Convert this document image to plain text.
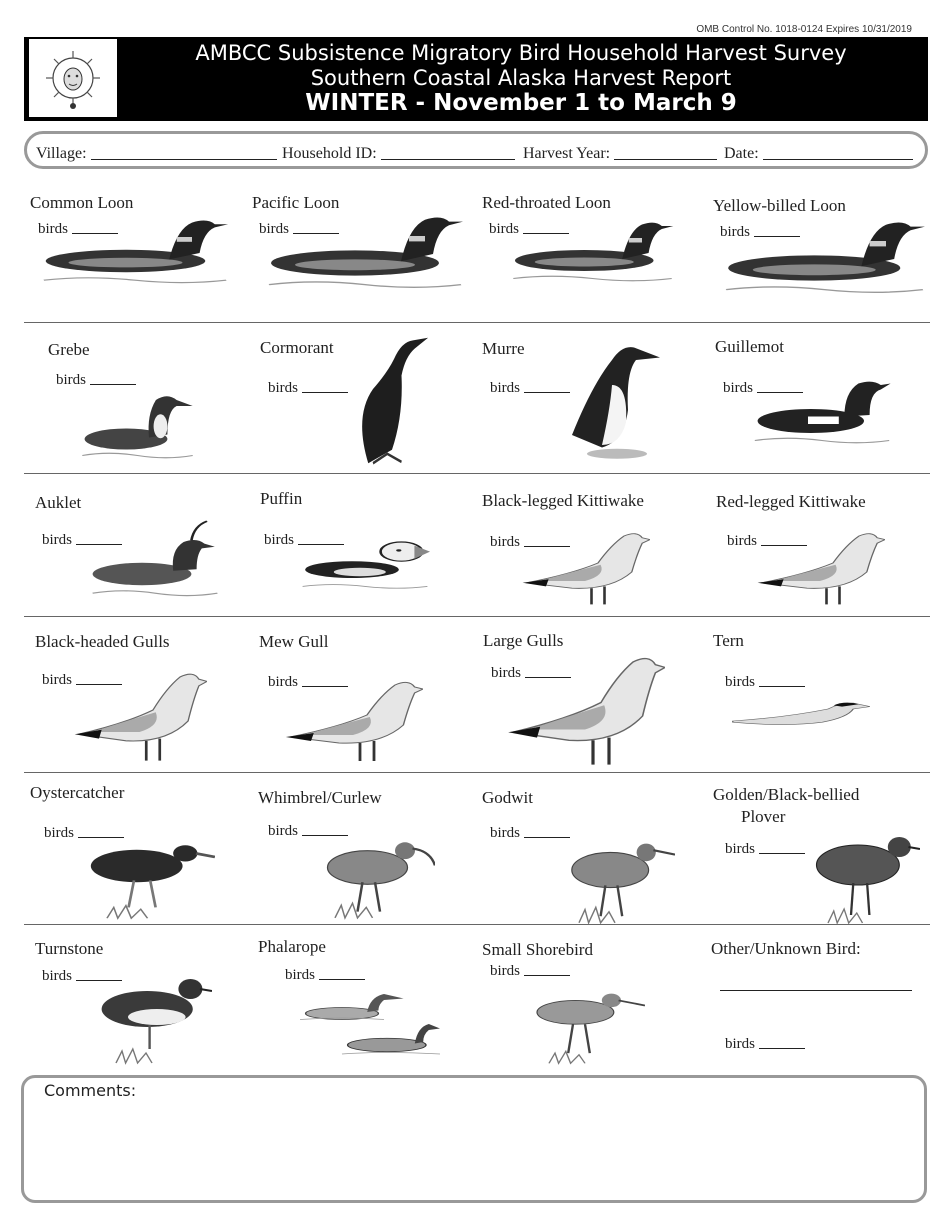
OMB Control No. 1018-0124 Expires 10/31/2019
AMBCC Subsistence Migratory Bird Household Harvest Survey
Southern Coastal Alaska Harvest Report
WINTER - November 1 to March 9
Village:	Household ID:	Harvest Year:	Date:
Common Loon
birds
Pacific Loon
birds
Red-throated Loon
birds
Yellow-billed Loon
birds
Grebe
birds
Cormorant
birds
Murre
birds
Guillemot
birds
Auklet
birds
Puffin
birds
Black-legged Kittiwake
birds
Red-legged Kittiwake
birds
Black-headed Gulls
birds
Mew Gull
birds
Large Gulls
birds
Tern
birds
Oystercatcher
birds
Whimbrel/Curlew
birds
Godwit
birds
Golden/Black-bellied
Plover
birds
Turnstone
birds
Phalarope
birds
Small Shorebird
birds
Other/Unknown Bird:
birds
Comments:
